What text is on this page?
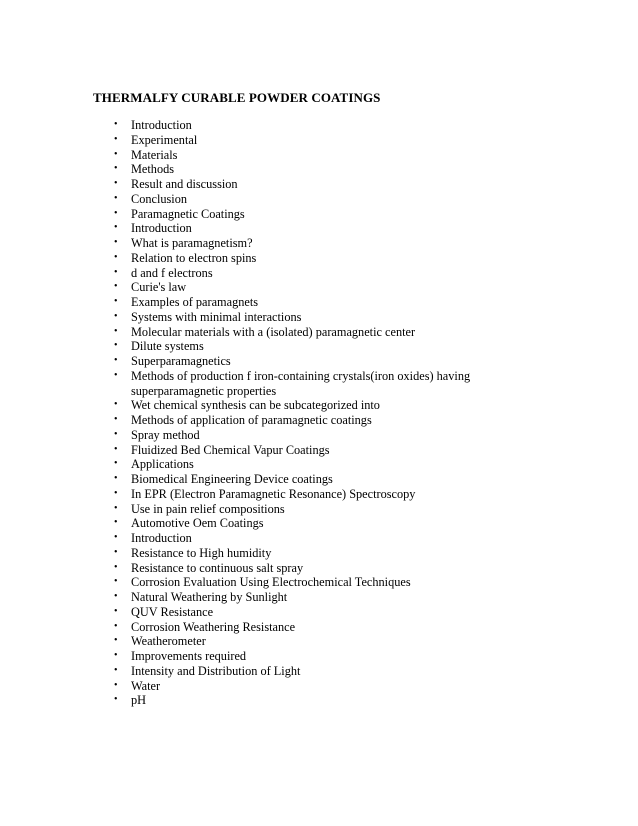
THERMALFY CURABLE POWDER COATINGS
• Introduction
• Experimental
• Materials
• Methods
• Result and discussion
• Conclusion
• Paramagnetic Coatings
• Introduction
• What is paramagnetism?
• Relation to electron spins
• d and f electrons
• Curie's law
• Examples of paramagnets
• Systems with minimal interactions
• Molecular materials with a (isolated) paramagnetic center
• Dilute systems
• Superparamagnetics
• Methods of production f iron-containing crystals(iron oxides) having superparamagnetic properties
• Wet chemical synthesis can be subcategorized into
• Methods of application of paramagnetic coatings
• Spray method
• Fluidized Bed Chemical Vapur Coatings
• Applications
• Biomedical Engineering Device coatings
• In EPR (Electron Paramagnetic Resonance) Spectroscopy
• Use in pain relief compositions
• Automotive Oem Coatings
• Introduction
• Resistance to High humidity
• Resistance to continuous salt spray
• Corrosion Evaluation Using Electrochemical Techniques
• Natural Weathering by Sunlight
• QUV Resistance
• Corrosion Weathering Resistance
• Weatherometer
• Improvements required
• Intensity and Distribution of Light
• Water
• pH
